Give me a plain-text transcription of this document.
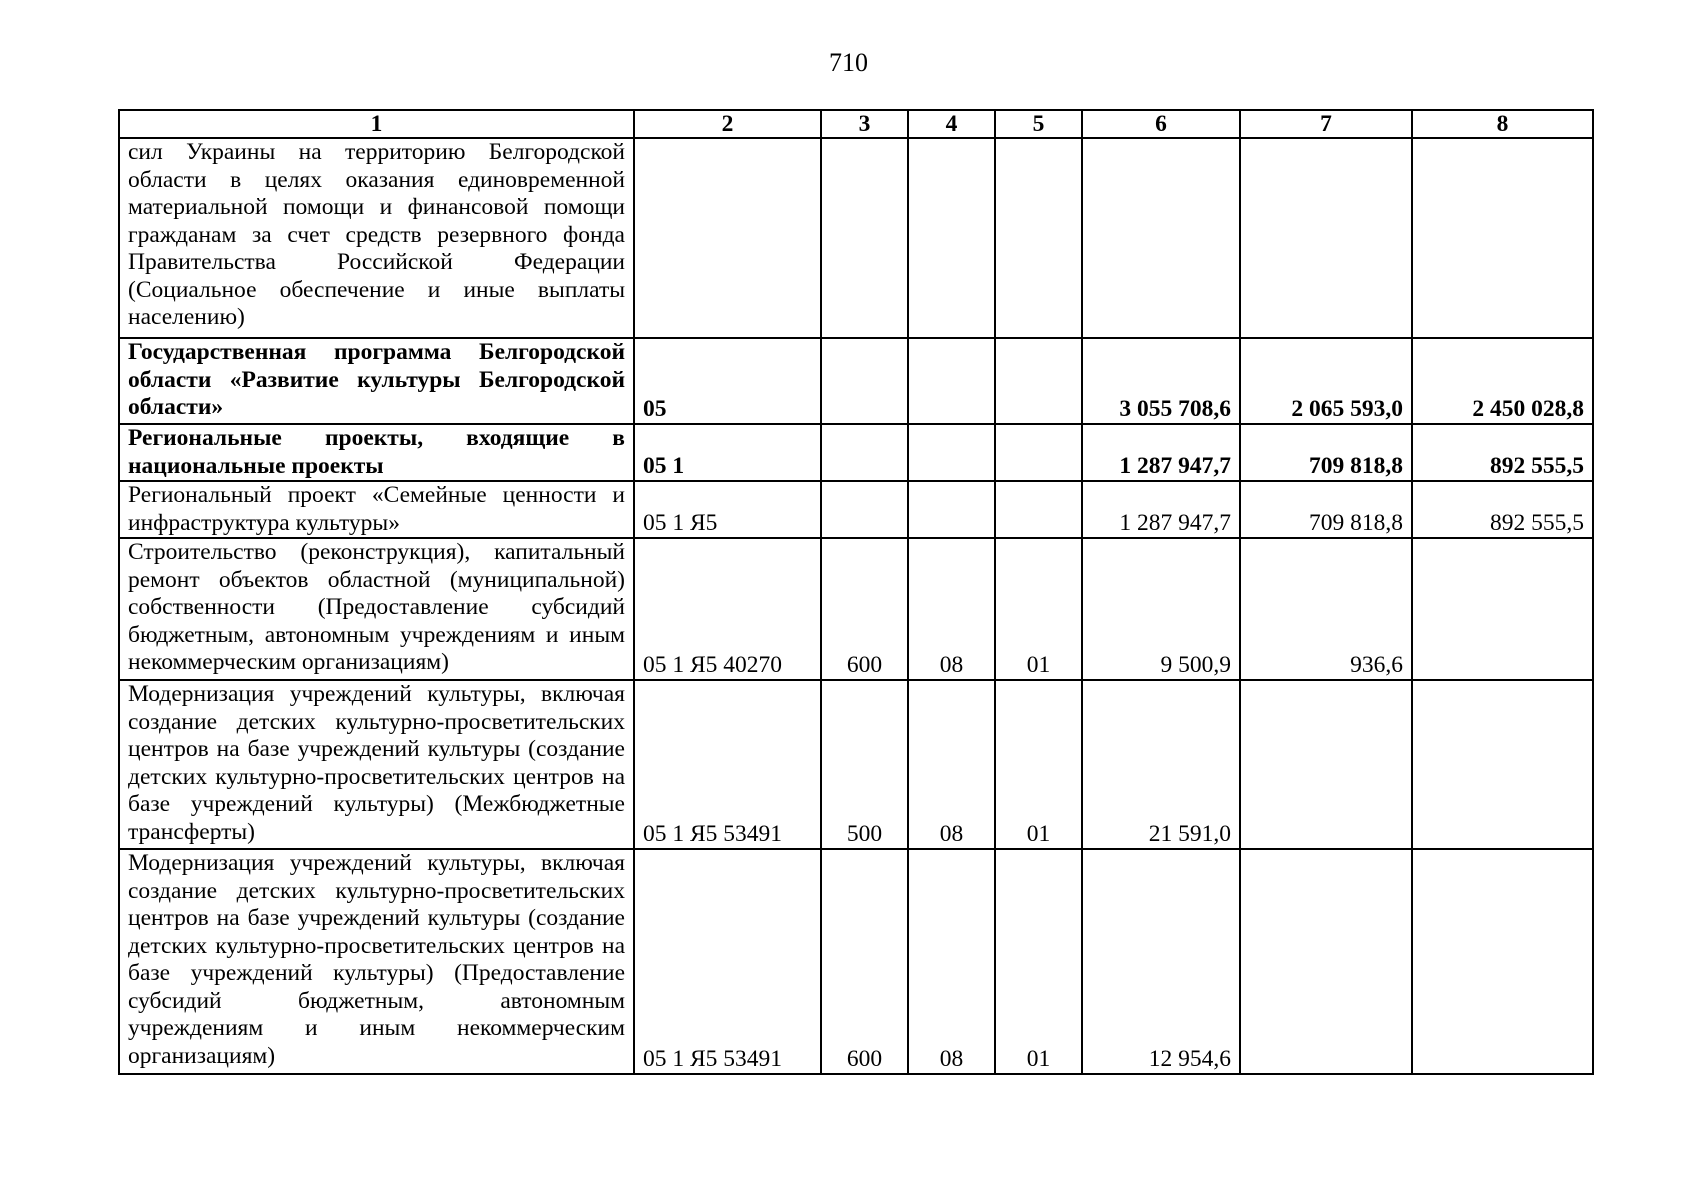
710
1	2	3	4	5	6	7	8
сил Украины на территорию Белгородской области в целях оказания единовременной материальной помощи и финансовой помощи гражданам за счет средств резервного фонда Правительства Российской Федерации (Социальное обеспечение и иные выплаты населению)							
Государственная программа Белгородской области «Развитие культуры Белгородской области»	05				3 055 708,6	2 065 593,0	2 450 028,8
Региональные проекты, входящие в национальные проекты	05 1				1 287 947,7	709 818,8	892 555,5
Региональный проект «Семейные ценности и инфраструктура культуры»	05 1 Я5				1 287 947,7	709 818,8	892 555,5
Строительство (реконструкция), капитальный ремонт объектов областной (муниципальной) собственности (Предоставление субсидий бюджетным, автономным учреждениям и иным некоммерческим организациям)	05 1 Я5 40270	600	08	01	9 500,9	936,6	
Модернизация учреждений культуры, включая создание детских культурно-просветительских центров на базе учреждений культуры (создание детских культурно-просветительских центров на базе учреждений культуры) (Межбюджетные трансферты)	05 1 Я5 53491	500	08	01	21 591,0		
Модернизация учреждений культуры, включая создание детских культурно-просветительских центров на базе учреждений культуры (создание детских культурно-просветительских центров на базе учреждений культуры) (Предоставление субсидий бюджетным, автономным учреждениям и иным некоммерческим организациям)	05 1 Я5 53491	600	08	01	12 954,6		
